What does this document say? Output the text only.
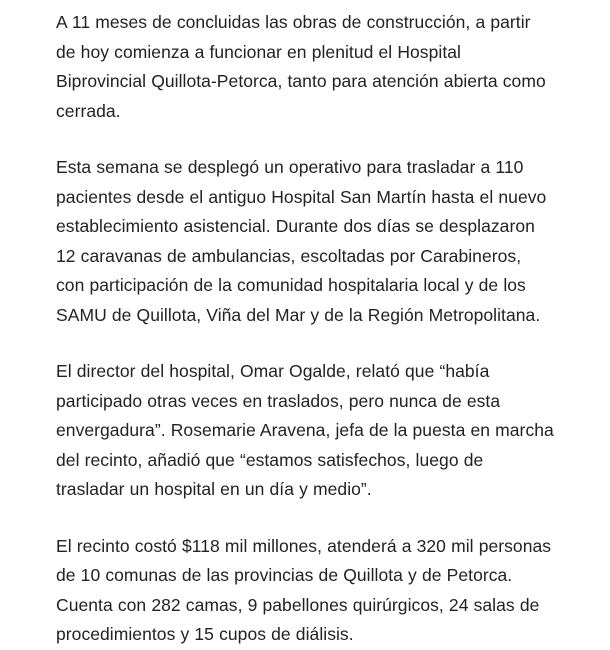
A 11 meses de concluidas las obras de construcción, a partir de hoy comienza a funcionar en plenitud el Hospital Biprovincial Quillota-Petorca, tanto para atención abierta como cerrada.

Esta semana se desplegó un operativo para trasladar a 110 pacientes desde el antiguo Hospital San Martín hasta el nuevo establecimiento asistencial. Durante dos días se desplazaron 12 caravanas de ambulancias, escoltadas por Carabineros, con participación de la comunidad hospitalaria local y de los SAMU de Quillota, Viña del Mar y de la Región Metropolitana.

El director del hospital, Omar Ogalde, relató que “había participado otras veces en traslados, pero nunca de esta envergadura”. Rosemarie Aravena, jefa de la puesta en marcha del recinto, añadió que “estamos satisfechos, luego de trasladar un hospital en un día y medio”.

El recinto costó $118 mil millones, atenderá a 320 mil personas de 10 comunas de las provincias de Quillota y de Petorca. Cuenta con 282 camas, 9 pabellones quirúrgicos, 24 salas de procedimientos y 15 cupos de diálisis.
